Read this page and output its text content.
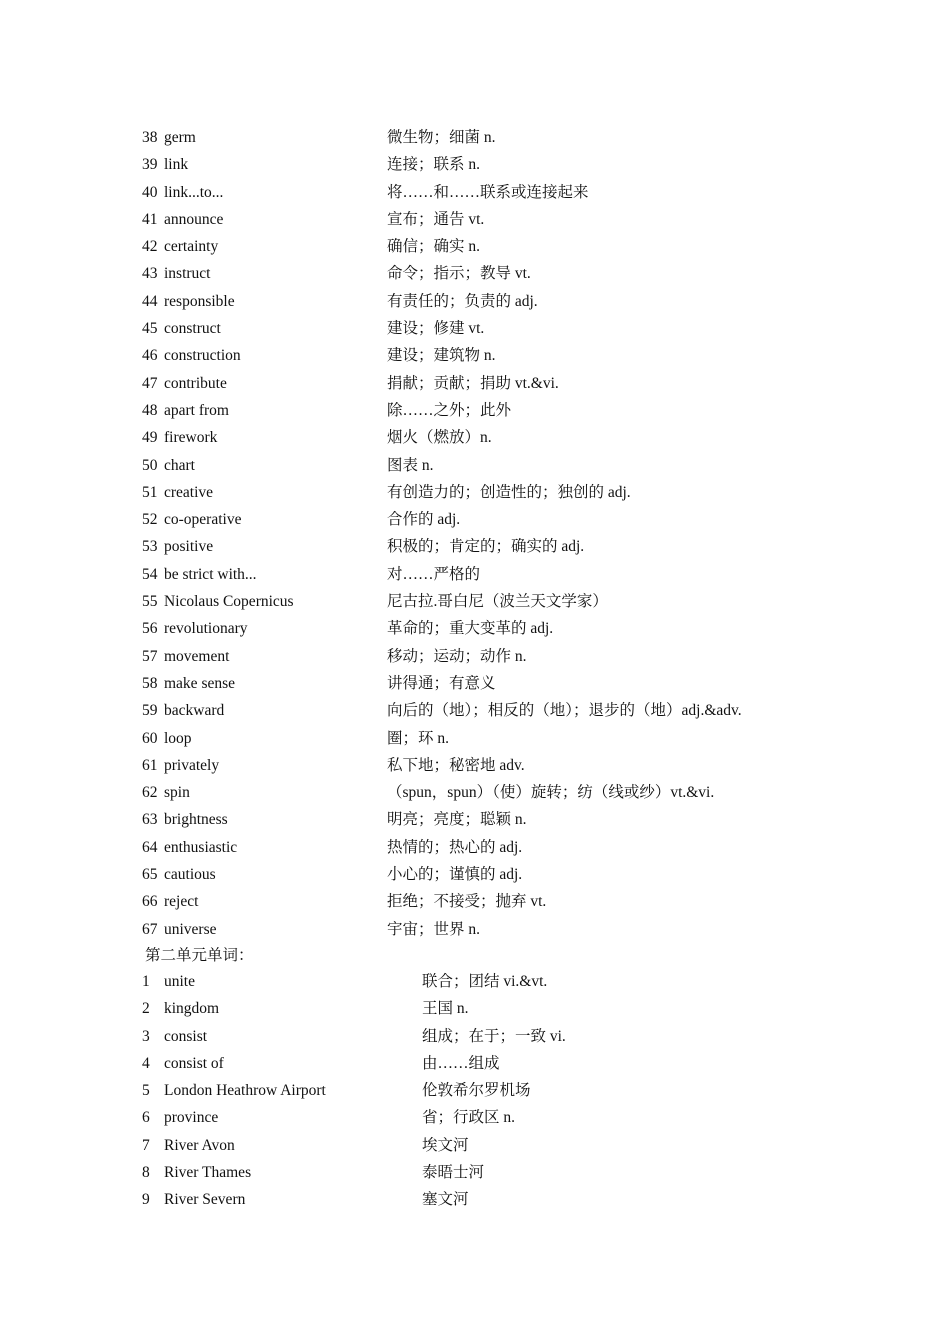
38 germ	微生物；细菌 n.
39 link	连接；联系 n.
40 link...to...	将……和……联系或连接起来
41 announce	宣布；通告 vt.
42 certainty	确信；确实 n.
43 instruct	命令；指示；教导 vt.
44 responsible	有责任的；负责的 adj.
45 construct	建设；修建 vt.
46 construction	建设；建筑物 n.
47 contribute	捐献；贡献；捐助 vt.&vi.
48 apart from	除……之外；此外
49 firework	烟火（燃放）n.
50 chart	图表 n.
51 creative	有创造力的；创造性的；独创的 adj.
52 co-operative	合作的 adj.
53 positive	积极的；肯定的；确实的 adj.
54 be strict with...	对……严格的
55 Nicolaus Copernicus	尼古拉.哥白尼（波兰天文学家）
56 revolutionary	革命的；重大变革的 adj.
57 movement	移动；运动；动作 n.
58 make sense	讲得通；有意义
59 backward	向后的（地）；相反的（地）；退步的（地）adj.&adv.
60 loop	圈；环 n.
61 privately	私下地；秘密地 adv.
62 spin	（spun，spun）（使）旋转；纺（线或纱）vt.&vi.
63 brightness	明亮；亮度；聪颖 n.
64 enthusiastic	热情的；热心的 adj.
65 cautious	小心的；谨慎的 adj.
66 reject	拒绝；不接受；抛弃 vt.
67 universe	宇宙；世界 n.
第二单元单词：
1 unite	联合；团结 vi.&vt.
2 kingdom	王国 n.
3 consist	组成；在于；一致 vi.
4 consist of	由……组成
5 London Heathrow Airport	伦敦希尔罗机场
6 province	省；行政区 n.
7 River Avon	埃文河
8 River Thames	泰晤士河
9 River Severn	塞文河
